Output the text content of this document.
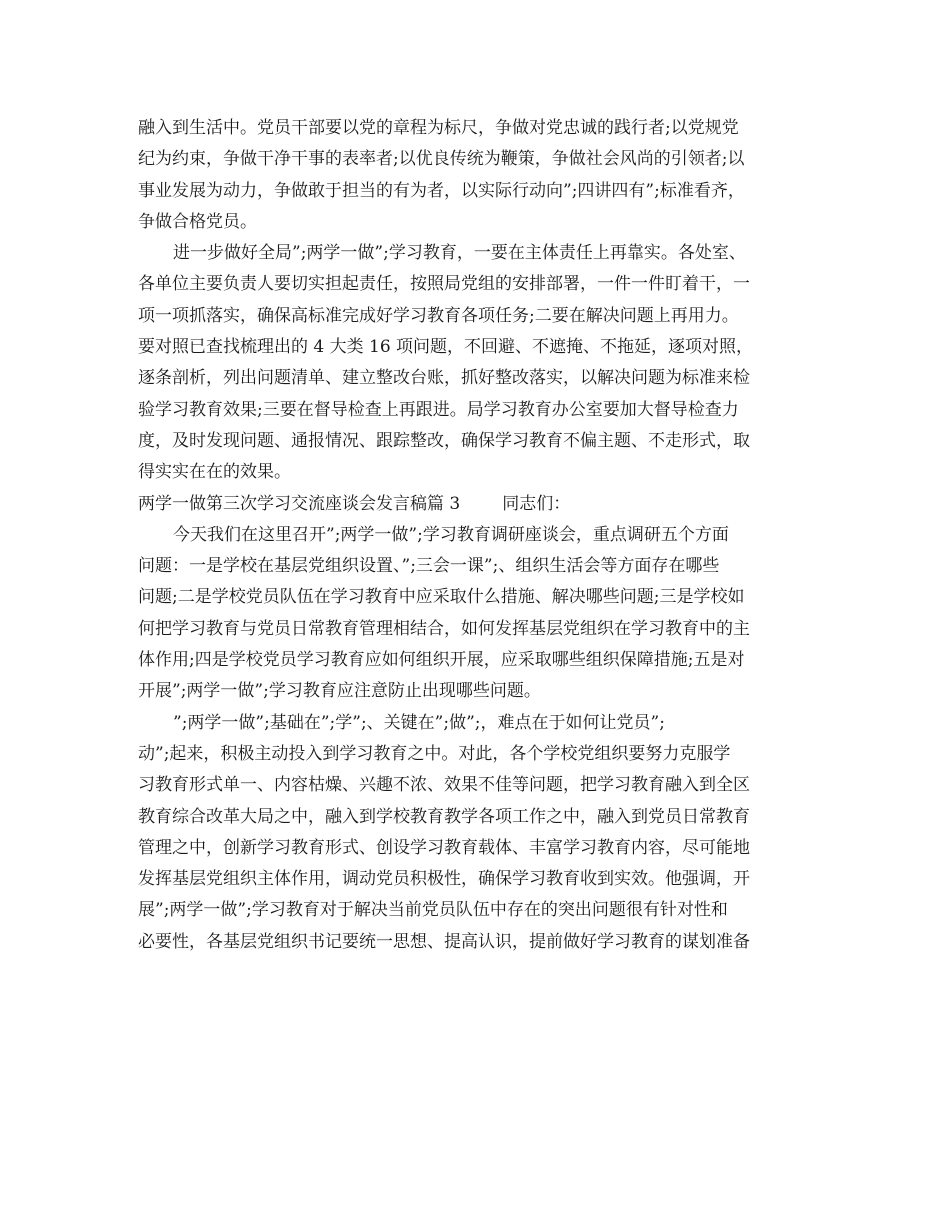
融入到生活中。党员干部要以党的章程为标尺，争做对党忠诚的践行者;以党规党
纪为约束，争做干净干事的表率者;以优良传统为鞭策，争做社会风尚的引领者;以
事业发展为动力，争做敢于担当的有为者，以实际行动向”;四讲四有”;标准看齐，
争做合格党员。
进一步做好全局”;两学一做”;学习教育，一要在主体责任上再靠实。各处室、
各单位主要负责人要切实担起责任，按照局党组的安排部署，一件一件盯着干，一
项一项抓落实，确保高标准完成好学习教育各项任务;二要在解决问题上再用力。
要对照已查找梳理出的 4 大类 16 项问题，不回避、不遮掩、不拖延，逐项对照，
逐条剖析，列出问题清单、建立整改台账，抓好整改落实，以解决问题为标准来检
验学习教育效果;三要在督导检查上再跟进。局学习教育办公室要加大督导检查力
度，及时发现问题、通报情况、跟踪整改，确保学习教育不偏主题、不走形式，取
得实实在在的效果。
两学一做第三次学习交流座谈会发言稿篇 3 同志们：
今天我们在这里召开”;两学一做”;学习教育调研座谈会，重点调研五个方面
问题：一是学校在基层党组织设置、”;三会一课”;、组织生活会等方面存在哪些
问题;二是学校党员队伍在学习教育中应采取什么措施、解决哪些问题;三是学校如
何把学习教育与党员日常教育管理相结合，如何发挥基层党组织在学习教育中的主
体作用;四是学校党员学习教育应如何组织开展，应采取哪些组织保障措施;五是对
开展”;两学一做”;学习教育应注意防止出现哪些问题。
”;两学一做”;基础在”;学”;、关键在”;做”;，难点在于如何让党员”;
动”;起来，积极主动投入到学习教育之中。对此，各个学校党组织要努力克服学
习教育形式单一、内容枯燥、兴趣不浓、效果不佳等问题，把学习教育融入到全区
教育综合改革大局之中，融入到学校教育教学各项工作之中，融入到党员日常教育
管理之中，创新学习教育形式、创设学习教育载体、丰富学习教育内容，尽可能地
发挥基层党组织主体作用，调动党员积极性，确保学习教育收到实效。他强调，开
展”;两学一做”;学习教育对于解决当前党员队伍中存在的突出问题很有针对性和
必要性，各基层党组织书记要统一思想、提高认识，提前做好学习教育的谋划准备
